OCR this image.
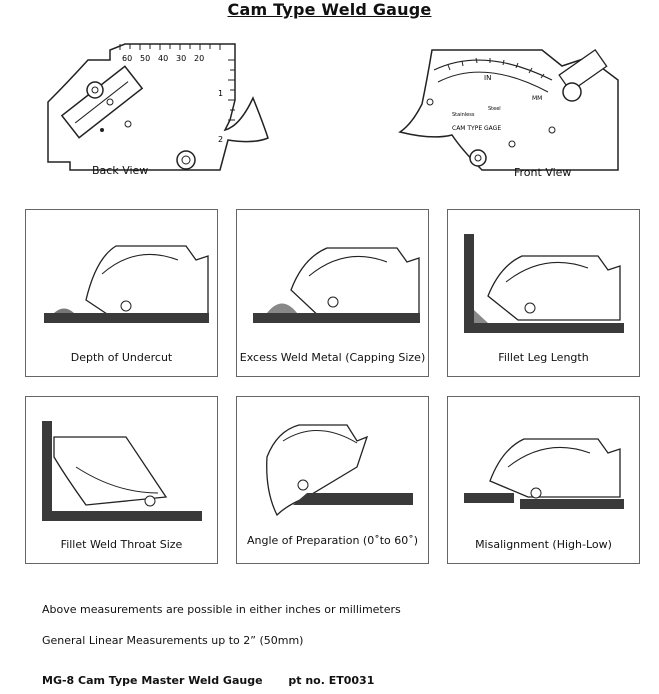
Cam Type Weld Gauge
60 50 40 30 20
1
2
Back View
IN
MM
Stainless
Steel
CAM TYPE GAGE
Front View
Depth of Undercut	Excess Weld Metal (Capping Size)	Fillet Leg Length
Fillet Weld Throat Size	Angle of Preparation (0˚to 60˚)	Misalignment (High-Low)
Above measurements are possible in either inches or millimeters
General Linear Measurements up to 2” (50mm)
MG-8 Cam Type Master Weld Gauge pt no. ET0031
